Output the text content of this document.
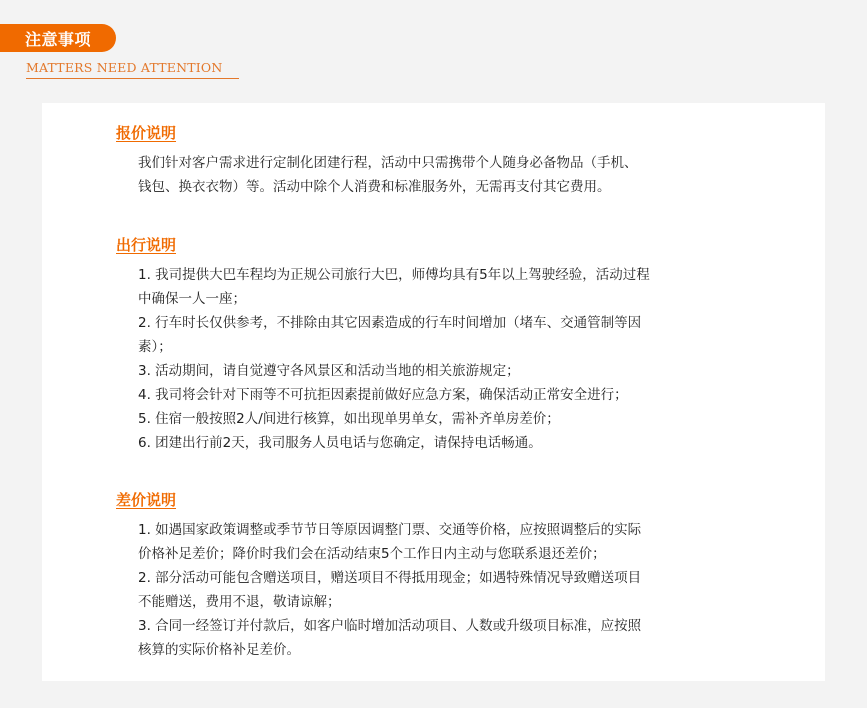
注意事项
MATTERS NEED ATTENTION
报价说明

我们针对客户需求进行定制化团建行程，活动中只需携带个人随身必备物品（手机、

钱包、换衣衣物）等。活动中除个人消费和标准服务外，无需再支付其它费用。

出行说明

1. 我司提供大巴车程均为正规公司旅行大巴，师傅均具有5年以上驾驶经验，活动过程

中确保一人一座；

2. 行车时长仅供参考，不排除由其它因素造成的行车时间增加（堵车、交通管制等因

素）；

3. 活动期间，请自觉遵守各风景区和活动当地的相关旅游规定；

4. 我司将会针对下雨等不可抗拒因素提前做好应急方案，确保活动正常安全进行；

5. 住宿一般按照2人/间进行核算，如出现单男单女，需补齐单房差价；

6. 团建出行前2天，我司服务人员电话与您确定，请保持电话畅通。

差价说明

1. 如遇国家政策调整或季节节日等原因调整门票、交通等价格，应按照调整后的实际

价格补足差价；降价时我们会在活动结束5个工作日内主动与您联系退还差价；

2. 部分活动可能包含赠送项目，赠送项目不得抵用现金；如遇特殊情况导致赠送项目

不能赠送，费用不退，敬请谅解；

3. 合同一经签订并付款后，如客户临时增加活动项目、人数或升级项目标准，应按照

核算的实际价格补足差价。
